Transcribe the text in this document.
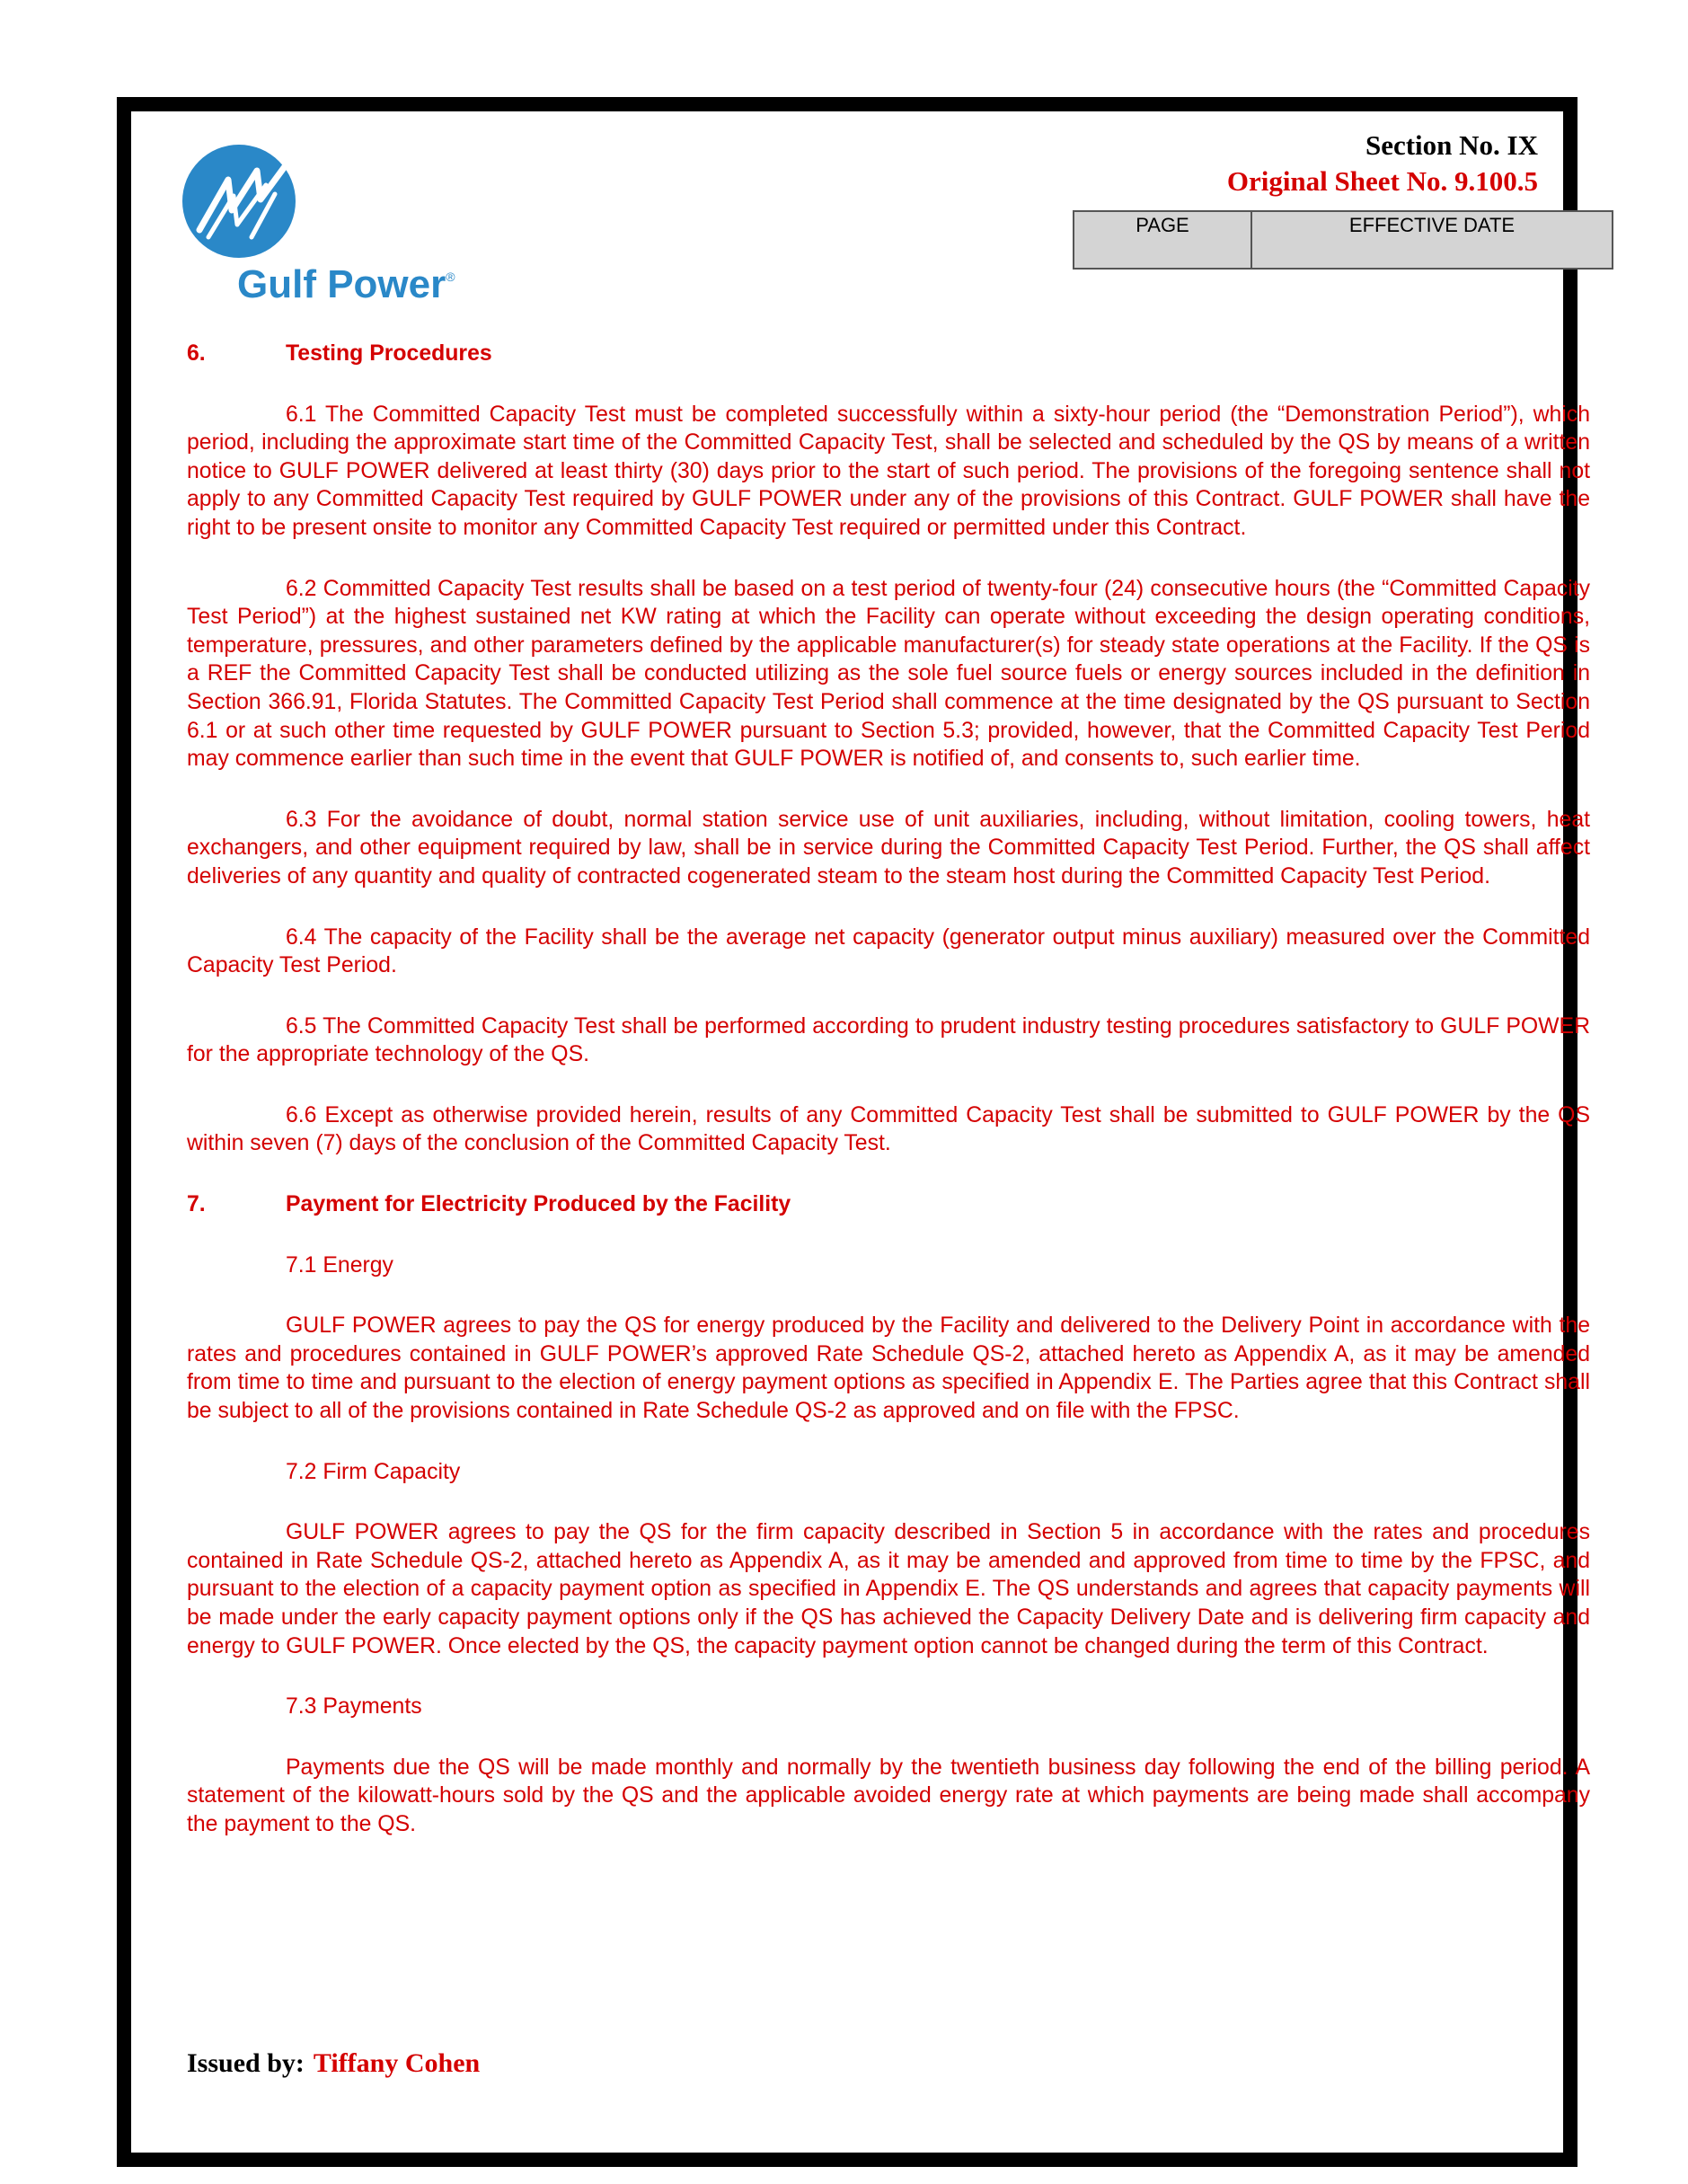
Gulf Power®
Section No. IX
Original Sheet No. 9.100.5
PAGE	EFFECTIVE DATE
6.	Testing Procedures

6.1 The Committed Capacity Test must be completed successfully within a sixty-hour period (the “Demonstration Period”), which period, including the approximate start time of the Committed Capacity Test, shall be selected and scheduled by the QS by means of a written notice to GULF POWER delivered at least thirty (30) days prior to the start of such period. The provisions of the foregoing sentence shall not apply to any Committed Capacity Test required by GULF POWER under any of the provisions of this Contract. GULF POWER shall have the right to be present onsite to monitor any Committed Capacity Test required or permitted under this Contract.

6.2 Committed Capacity Test results shall be based on a test period of twenty-four (24) consecutive hours (the “Committed Capacity Test Period”) at the highest sustained net KW rating at which the Facility can operate without exceeding the design operating conditions, temperature, pressures, and other parameters defined by the applicable manufacturer(s) for steady state operations at the Facility. If the QS is a REF the Committed Capacity Test shall be conducted utilizing as the sole fuel source fuels or energy sources included in the definition in Section 366.91, Florida Statutes. The Committed Capacity Test Period shall commence at the time designated by the QS pursuant to Section 6.1 or at such other time requested by GULF POWER pursuant to Section 5.3; provided, however, that the Committed Capacity Test Period may commence earlier than such time in the event that GULF POWER is notified of, and consents to, such earlier time.

6.3 For the avoidance of doubt, normal station service use of unit auxiliaries, including, without limitation, cooling towers, heat exchangers, and other equipment required by law, shall be in service during the Committed Capacity Test Period. Further, the QS shall affect deliveries of any quantity and quality of contracted cogenerated steam to the steam host during the Committed Capacity Test Period.

6.4 The capacity of the Facility shall be the average net capacity (generator output minus auxiliary) measured over the Committed Capacity Test Period.

6.5 The Committed Capacity Test shall be performed according to prudent industry testing procedures satisfactory to GULF POWER for the appropriate technology of the QS.

6.6 Except as otherwise provided herein, results of any Committed Capacity Test shall be submitted to GULF POWER by the QS within seven (7) days of the conclusion of the Committed Capacity Test.

7.	Payment for Electricity Produced by the Facility
7.1 Energy

GULF POWER agrees to pay the QS for energy produced by the Facility and delivered to the Delivery Point in accordance with the rates and procedures contained in GULF POWER’s approved Rate Schedule QS-2, attached hereto as Appendix A, as it may be amended from time to time and pursuant to the election of energy payment options as specified in Appendix E. The Parties agree that this Contract shall be subject to all of the provisions contained in Rate Schedule QS-2 as approved and on file with the FPSC.

7.2 Firm Capacity

GULF POWER agrees to pay the QS for the firm capacity described in Section 5 in accordance with the rates and procedures contained in Rate Schedule QS-2, attached hereto as Appendix A, as it may be amended and approved from time to time by the FPSC, and pursuant to the election of a capacity payment option as specified in Appendix E. The QS understands and agrees that capacity payments will be made under the early capacity payment options only if the QS has achieved the Capacity Delivery Date and is delivering firm capacity and energy to GULF POWER. Once elected by the QS, the capacity payment option cannot be changed during the term of this Contract.

7.3 Payments

Payments due the QS will be made monthly and normally by the twentieth business day following the end of the billing period. A statement of the kilowatt-hours sold by the QS and the applicable avoided energy rate at which payments are being made shall accompany the payment to the QS.

Issued by: Tiffany Cohen
